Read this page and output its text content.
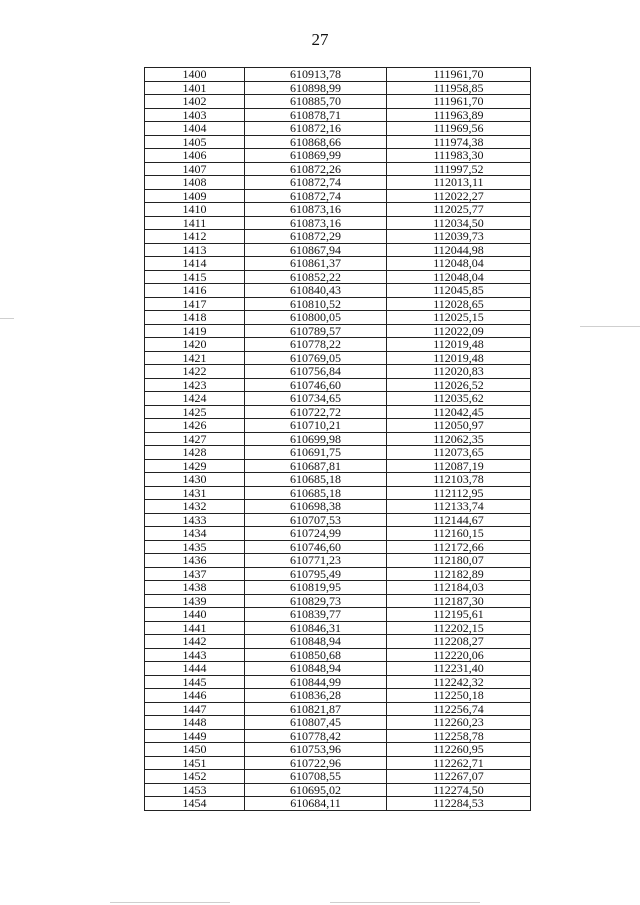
27
1400	610913,78	111961,70
1401	610898,99	111958,85
1402	610885,70	111961,70
1403	610878,71	111963,89
1404	610872,16	111969,56
1405	610868,66	111974,38
1406	610869,99	111983,30
1407	610872,26	111997,52
1408	610872,74	112013,11
1409	610872,74	112022,27
1410	610873,16	112025,77
1411	610873,16	112034,50
1412	610872,29	112039,73
1413	610867,94	112044,98
1414	610861,37	112048,04
1415	610852,22	112048,04
1416	610840,43	112045,85
1417	610810,52	112028,65
1418	610800,05	112025,15
1419	610789,57	112022,09
1420	610778,22	112019,48
1421	610769,05	112019,48
1422	610756,84	112020,83
1423	610746,60	112026,52
1424	610734,65	112035,62
1425	610722,72	112042,45
1426	610710,21	112050,97
1427	610699,98	112062,35
1428	610691,75	112073,65
1429	610687,81	112087,19
1430	610685,18	112103,78
1431	610685,18	112112,95
1432	610698,38	112133,74
1433	610707,53	112144,67
1434	610724,99	112160,15
1435	610746,60	112172,66
1436	610771,23	112180,07
1437	610795,49	112182,89
1438	610819,95	112184,03
1439	610829,73	112187,30
1440	610839,77	112195,61
1441	610846,31	112202,15
1442	610848,94	112208,27
1443	610850,68	112220,06
1444	610848,94	112231,40
1445	610844,99	112242,32
1446	610836,28	112250,18
1447	610821,87	112256,74
1448	610807,45	112260,23
1449	610778,42	112258,78
1450	610753,96	112260,95
1451	610722,96	112262,71
1452	610708,55	112267,07
1453	610695,02	112274,50
1454	610684,11	112284,53
